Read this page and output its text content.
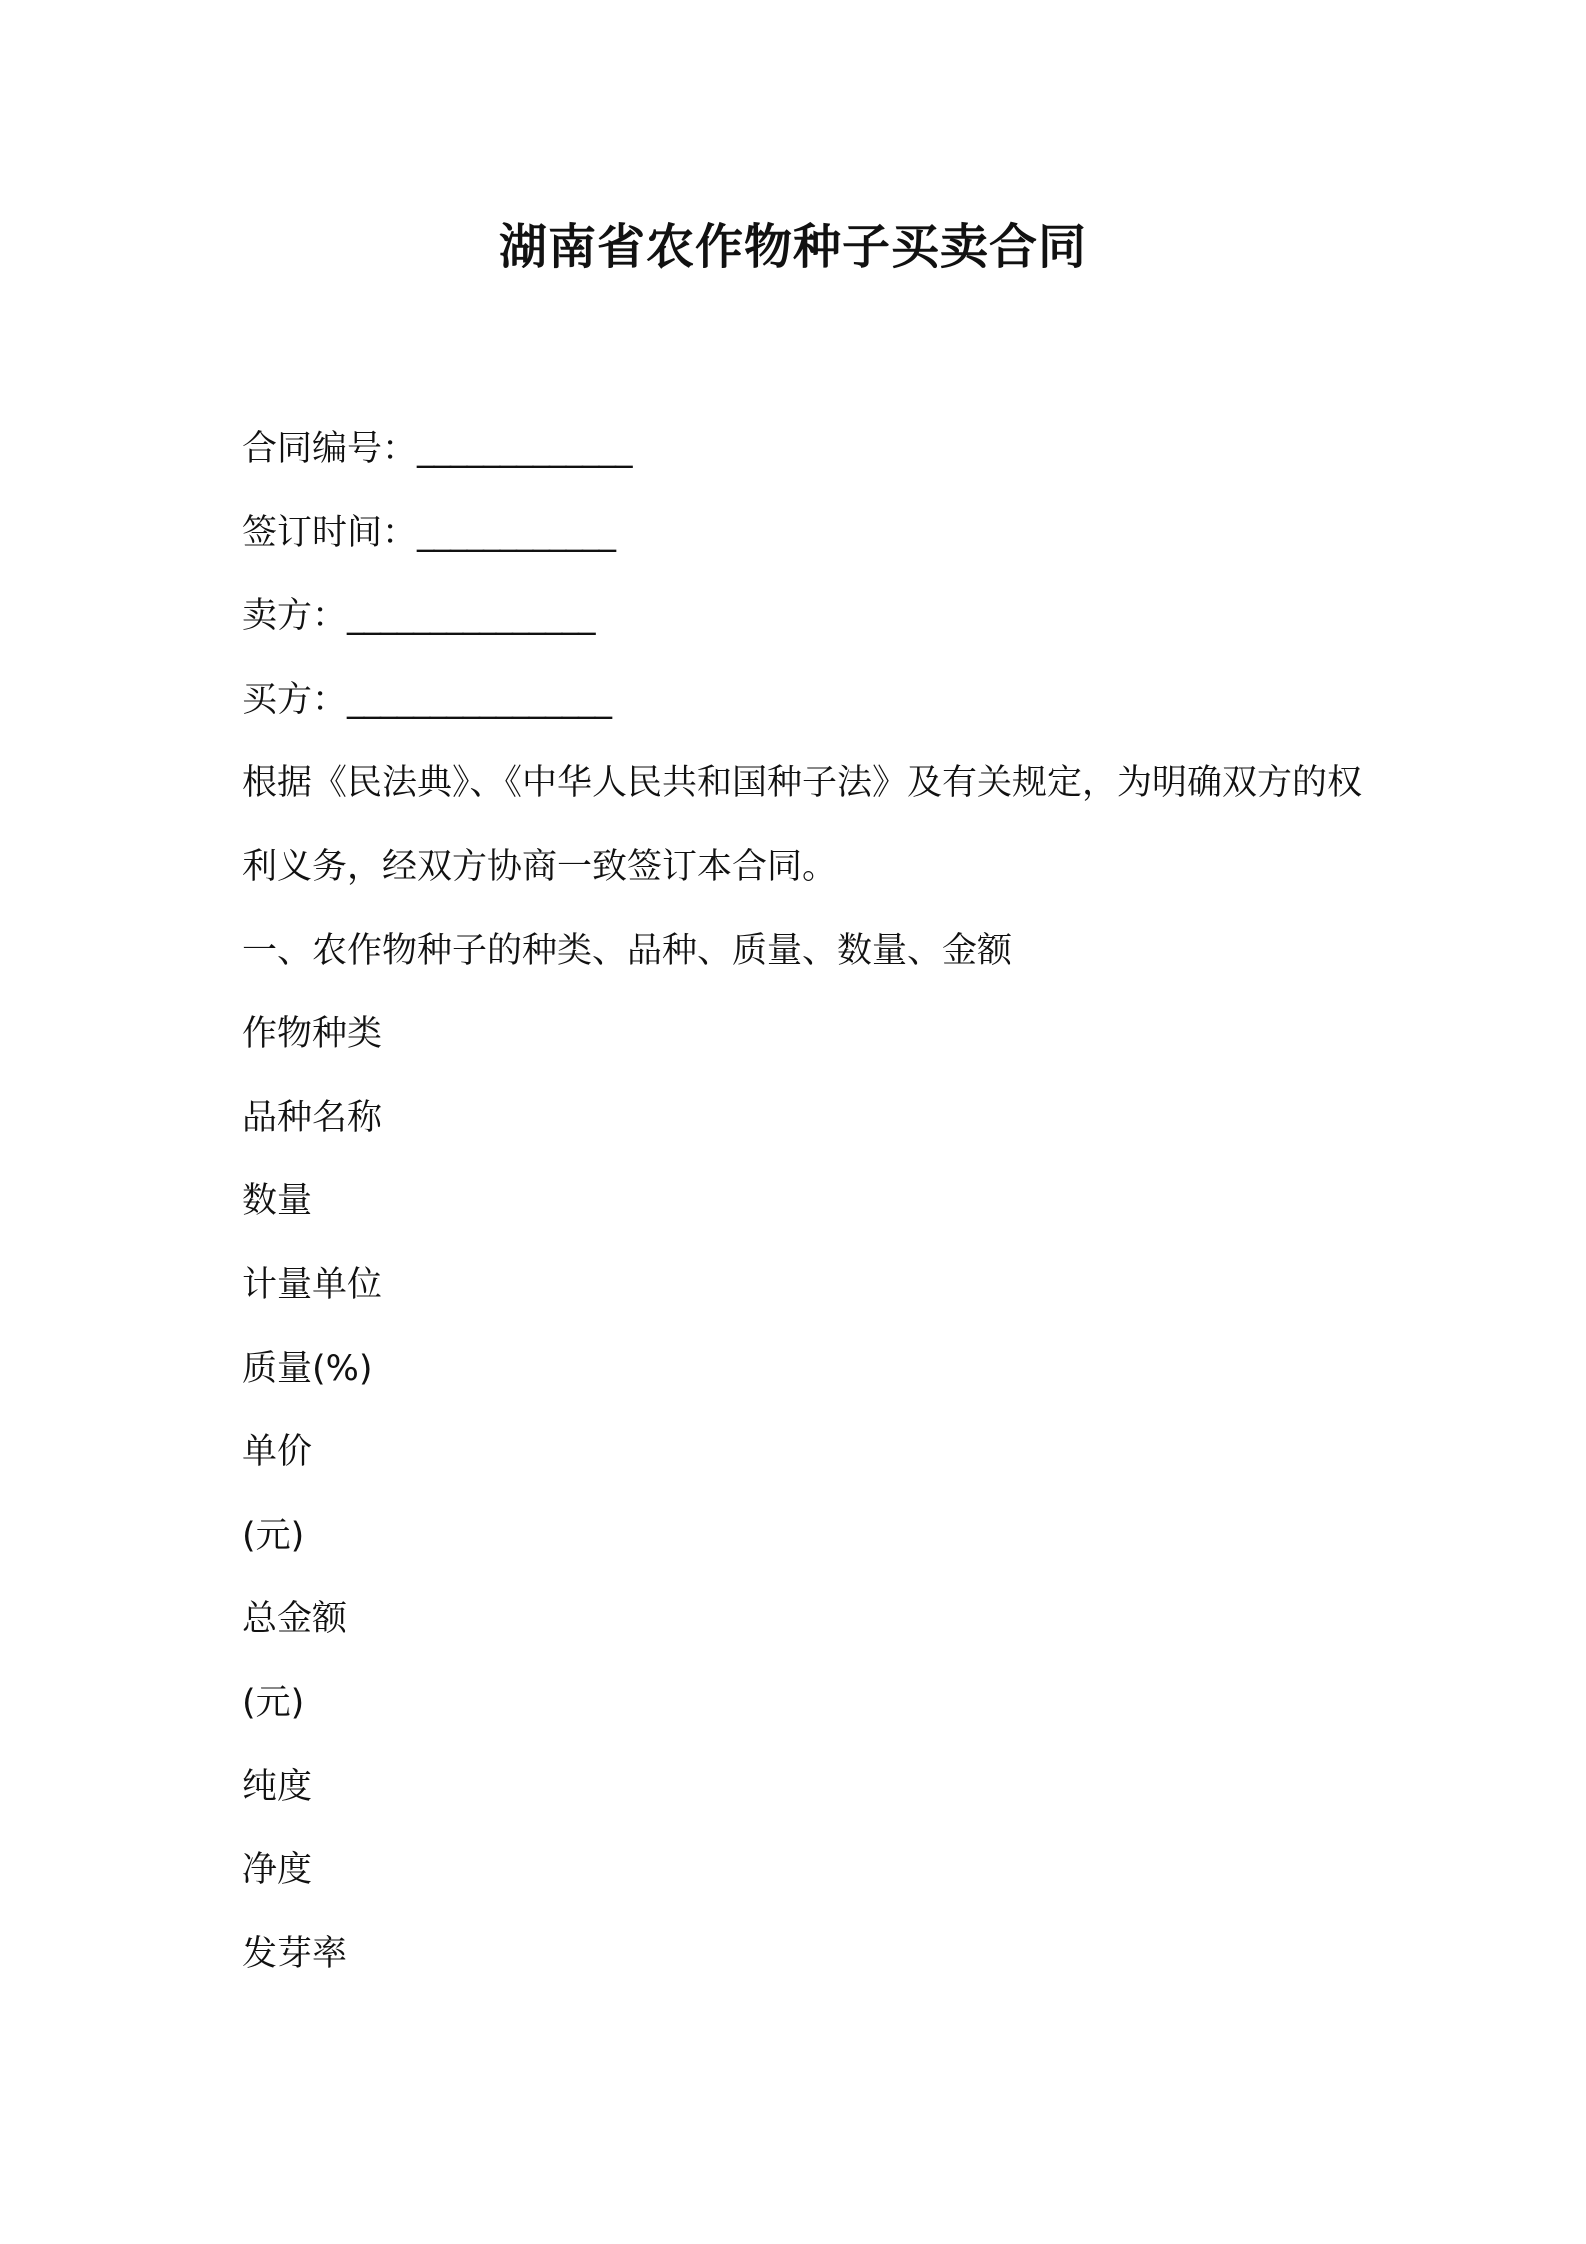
湖南省农作物种子买卖合同
合同编号：_____________
签订时间：____________
卖方：_______________
买方：________________
根据《民法典》、《中华人民共和国种子法》及有关规定，为明确双方的权利义务，经双方协商一致签订本合同。
一、农作物种子的种类、品种、质量、数量、金额
作物种类
品种名称
数量
计量单位
质量(%)
单价
(元)
总金额
(元)
纯度
净度
发芽率
